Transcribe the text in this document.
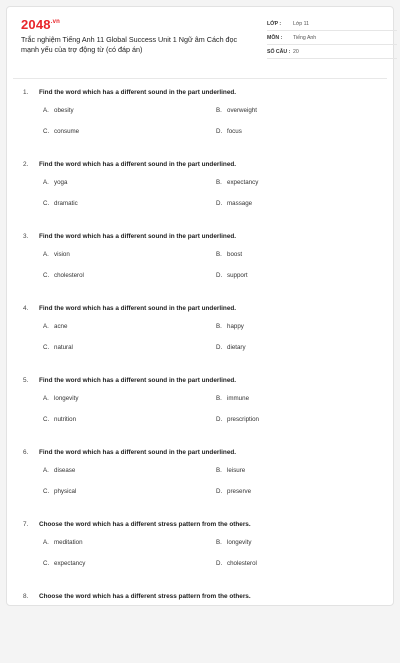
$2048^{.vn}$
Trắc nghiệm Tiếng Anh 11 Global Success Unit 1 Ngữ âm Cách đọc mạnh yếu của trợ động từ (có đáp án)
LỚP :	Lớp 11
MÔN :	Tiếng Anh
SỐ CÂU : 20
1. Find the word which has a different sound in the part underlined.
A. obesity	B. overweight
C. consume	D. focus
2. Find the word which has a different sound in the part underlined.
A. yoga	B. expectancy
C. dramatic	D. massage
3. Find the word which has a different sound in the part underlined.
A. vision	B. boost
C. cholesterol	D. support
4. Find the word which has a different sound in the part underlined.
A. acne	B. happy
C. natural	D. dietary
5. Find the word which has a different sound in the part underlined.
A. longevity	B. immune
C. nutrition	D. prescription
6. Find the word which has a different sound in the part underlined.
A. disease	B. leisure
C. physical	D. preserve
7. Choose the word which has a different stress pattern from the others.
A. meditation	B. longevity
C. expectancy	D. cholesterol
8. Choose the word which has a different stress pattern from the others.
